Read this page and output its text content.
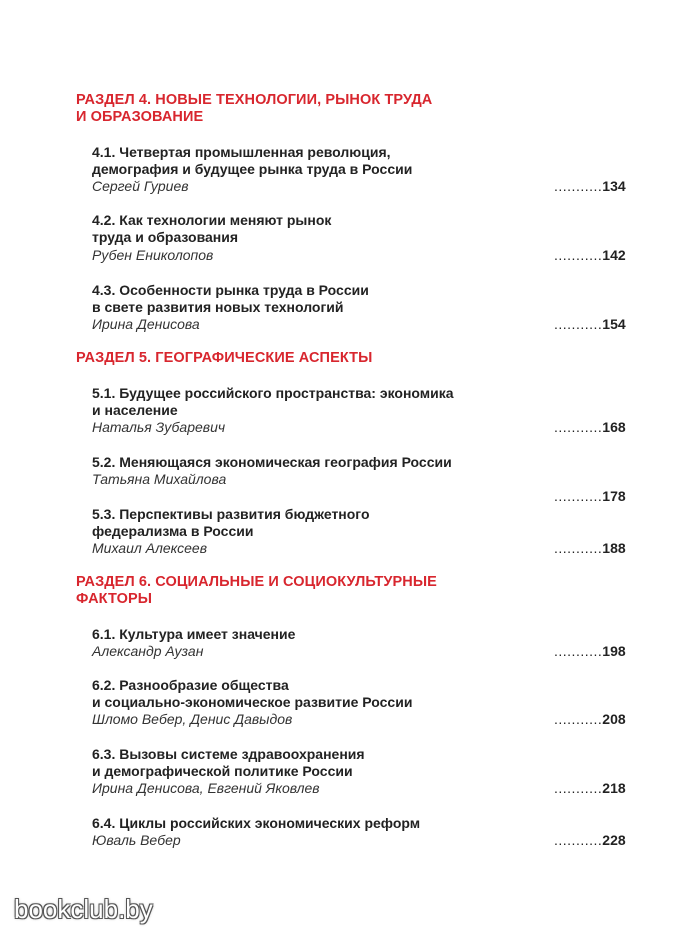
РАЗДЕЛ 4. НОВЫЕ ТЕХНОЛОГИИ, РЫНОК ТРУДА
И ОБРАЗОВАНИЕ
4.1. Четвертая промышленная революция,
демография и будущее рынка труда в России
Сергей Гуриев	...........134
4.2. Как технологии меняют рынок
труда и образования
Рубен Ениколопов	...........142
4.3. Особенности рынка труда в России
в свете развития новых технологий
Ирина Денисова	...........154
РАЗДЕЛ 5. ГЕОГРАФИЧЕСКИЕ АСПЕКТЫ
5.1. Будущее российского пространства: экономика
и население
Наталья Зубаревич	...........168
5.2. Меняющаяся экономическая география России
Татьяна Михайлова
...........178
5.3. Перспективы развития бюджетного
федерализма в России
Михаил Алексеев	...........188
РАЗДЕЛ 6. СОЦИАЛЬНЫЕ И СОЦИОКУЛЬТУРНЫЕ
ФАКТОРЫ
6.1. Культура имеет значение
Александр Аузан	...........198
6.2. Разнообразие общества
и социально-экономическое развитие России
Шломо Вебер, Денис Давыдов	...........208
6.3. Вызовы системе здравоохранения
и демографической политике России
Ирина Денисова, Евгений Яковлев	...........218
6.4. Циклы российских экономических реформ
Юваль Вебер	...........228
bookclub.by
